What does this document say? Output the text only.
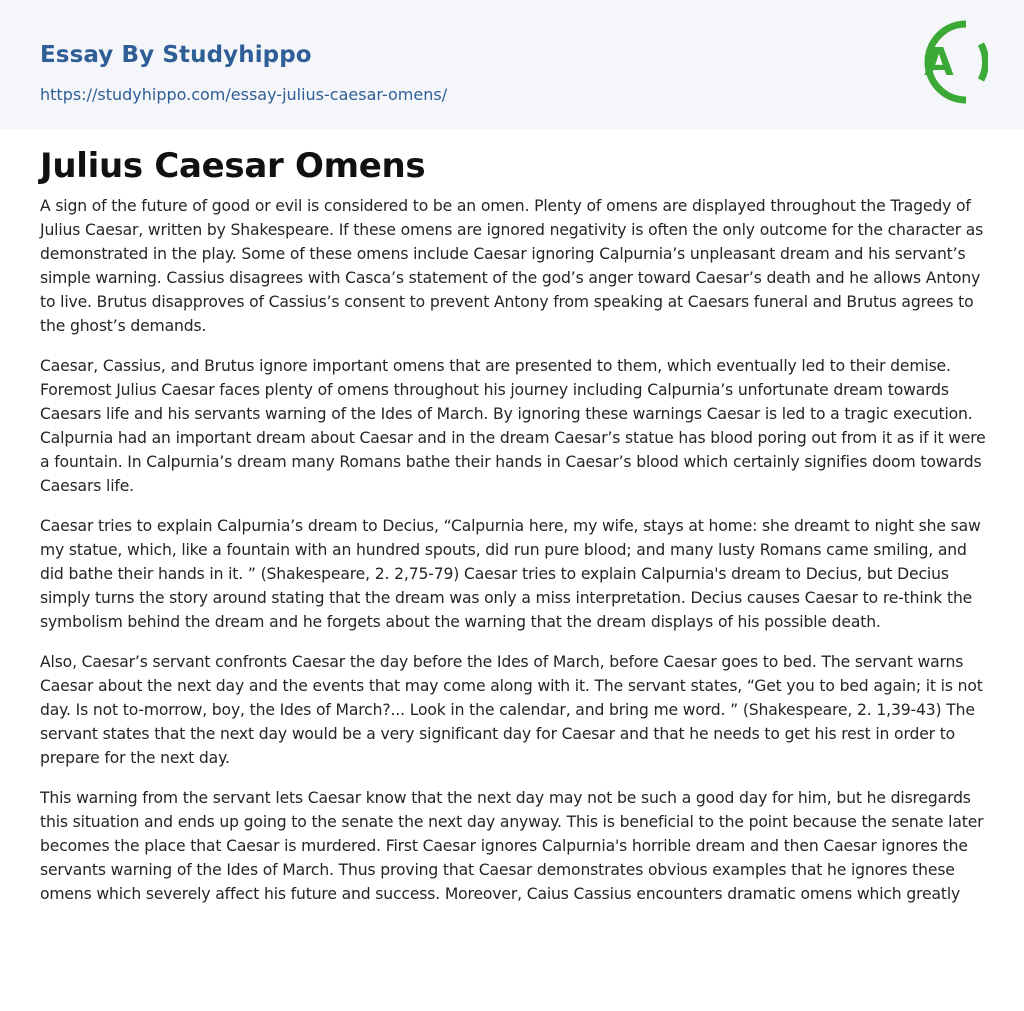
Essay By Studyhippo
https://studyhippo.com/essay-julius-caesar-omens/
A
Julius Caesar Omens

A sign of the future of good or evil is considered to be an omen. Plenty of omens are displayed throughout the Tragedy of Julius Caesar, written by Shakespeare. If these omens are ignored negativity is often the only outcome for the character as demonstrated in the play. Some of these omens include Caesar ignoring Calpurnia’s unpleasant dream and his servant’s simple warning. Cassius disagrees with Casca’s statement of the god’s anger toward Caesar’s death and he allows Antony to live. Brutus disapproves of Cassius’s consent to prevent Antony from speaking at Caesars funeral and Brutus agrees to the ghost’s demands.

Caesar, Cassius, and Brutus ignore important omens that are presented to them, which eventually led to their demise. Foremost Julius Caesar faces plenty of omens throughout his journey including Calpurnia’s unfortunate dream towards Caesars life and his servants warning of the Ides of March. By ignoring these warnings Caesar is led to a tragic execution. Calpurnia had an important dream about Caesar and in the dream Caesar’s statue has blood poring out from it as if it were a fountain. In Calpurnia’s dream many Romans bathe their hands in Caesar’s blood which certainly signifies doom towards Caesars life.

Caesar tries to explain Calpurnia’s dream to Decius, “Calpurnia here, my wife, stays at home: she dreamt to night she saw my statue, which, like a fountain with an hundred spouts, did run pure blood; and many lusty Romans came smiling, and did bathe their hands in it. ” (Shakespeare, 2. 2,75-79) Caesar tries to explain Calpurnia's dream to Decius, but Decius simply turns the story around stating that the dream was only a miss interpretation. Decius causes Caesar to re-think the symbolism behind the dream and he forgets about the warning that the dream displays of his possible death.

Also, Caesar’s servant confronts Caesar the day before the Ides of March, before Caesar goes to bed. The servant warns Caesar about the next day and the events that may come along with it. The servant states, “Get you to bed again; it is not day. Is not to-morrow, boy, the Ides of March?... Look in the calendar, and bring me word. ” (Shakespeare, 2. 1,39-43) The servant states that the next day would be a very significant day for Caesar and that he needs to get his rest in order to prepare for the next day.

This warning from the servant lets Caesar know that the next day may not be such a good day for him, but he disregards this situation and ends up going to the senate the next day anyway. This is beneficial to the point because the senate later becomes the place that Caesar is murdered. First Caesar ignores Calpurnia's horrible dream and then Caesar ignores the servants warning of the Ides of March. Thus proving that Caesar demonstrates obvious examples that he ignores these omens which severely affect his future and success. Moreover, Caius Cassius encounters dramatic omens which greatly
